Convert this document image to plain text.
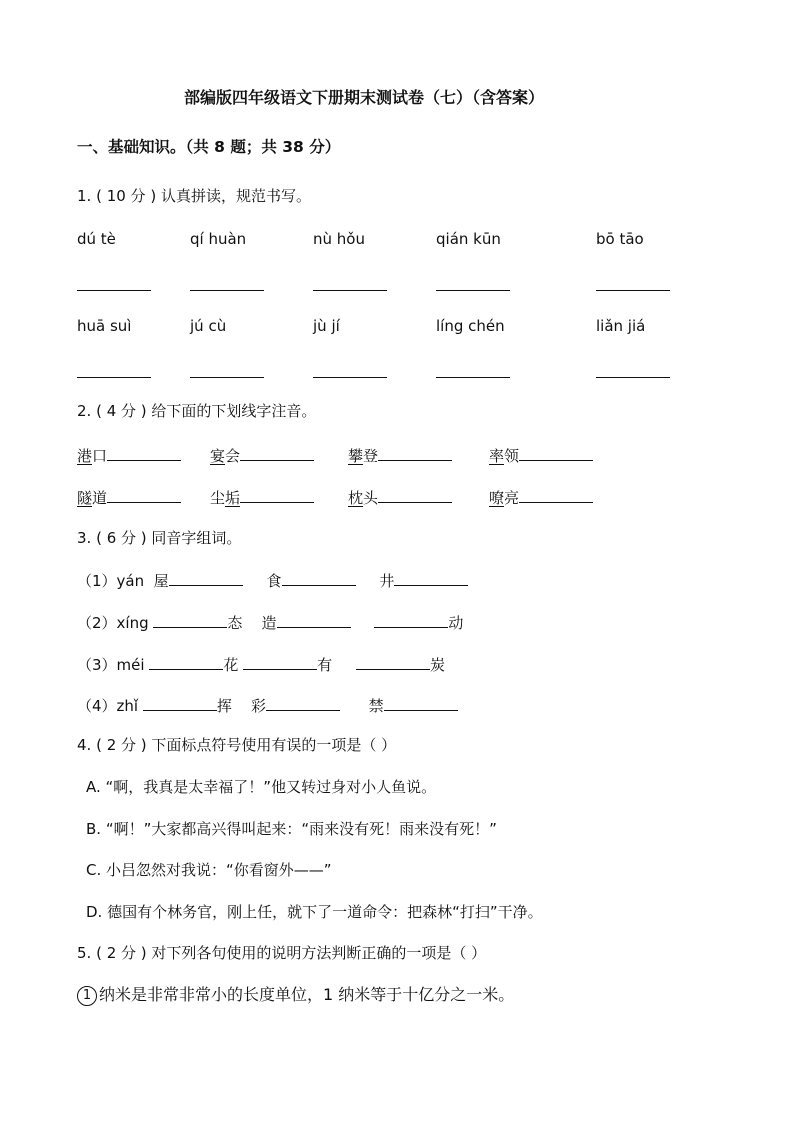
部编版四年级语文下册期末测试卷（七）（含答案）
一、基础知识。（共 8 题；共 38 分）
1. ( 10 分 ) 认真拼读，规范书写。
dú tè	qí huàn	nù hǒu	qián kūn	bō tāo
huā suì	jú cù	jù jí	líng chén	liǎn jiá
2. ( 4 分 ) 给下面的下划线字注音。
港口	宴会	攀登	率领
隧道	尘垢	枕头	嘹亮
3. ( 6 分 ) 同音字组词。
（1）yán 屋	食	井
（2）xíng	态 造	动
（3）méi	花	有	炭
（4）zhǐ	挥 彩	禁
4. ( 2 分 ) 下面标点符号使用有误的一项是（ ）
A. “啊，我真是太幸福了！”他又转过身对小人鱼说。
B. “啊！”大家都高兴得叫起来：“雨来没有死！雨来没有死！”
C. 小吕忽然对我说：“你看窗外——”
D. 德国有个林务官，刚上任，就下了一道命令：把森林“打扫”干净。
5. ( 2 分 ) 对下列各句使用的说明方法判断正确的一项是（ ）
1 纳米是非常非常小的长度单位，1 纳米等于十亿分之一米。
